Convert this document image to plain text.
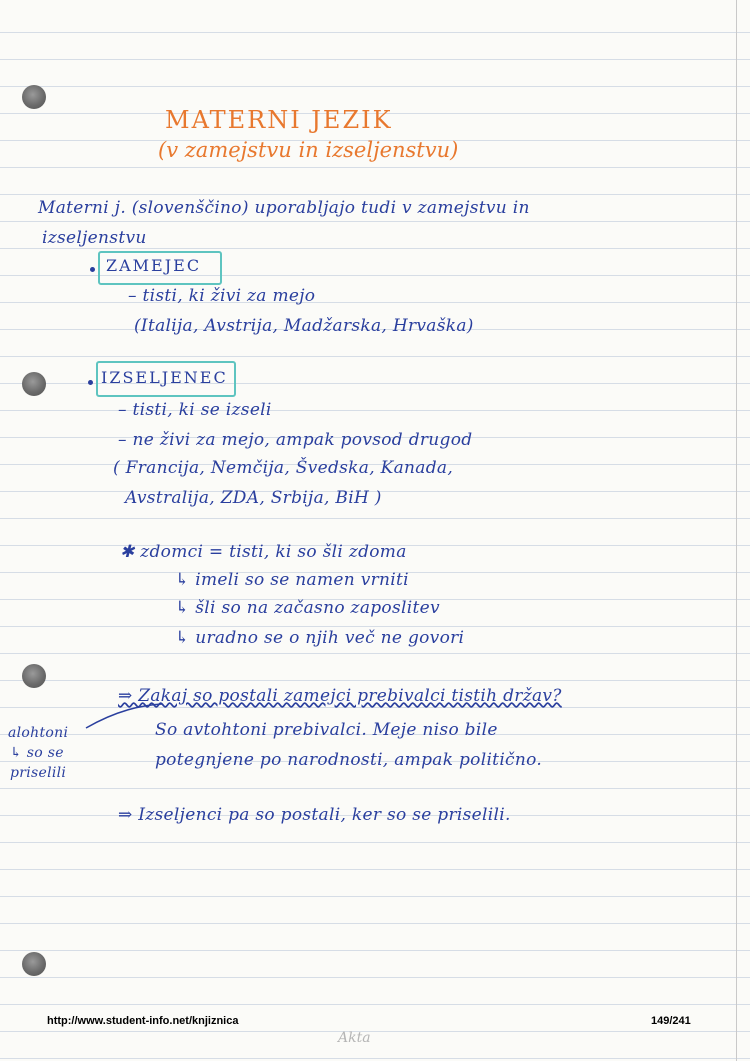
MATERNI JEZIK
(v zamejstvu in izseljenstvu)
Materni j. (slovenščino) uporabljajo tudi v zamejstvu in
izseljenstvu
ZAMEJEC
– tisti, ki živi za mejo
(Italija, Avstrija, Madžarska, Hrvaška)
IZSELJENEC
– tisti, ki se izseli
– ne živi za mejo, ampak povsod drugod
( Francija, Nemčija, Švedska, Kanada,
Avstralija, ZDA, Srbija, BiH )
✱ zdomci = tisti, ki so šli zdoma
↳ imeli so se namen vrniti
↳ šli so na začasno zaposlitev
↳ uradno se o njih več ne govori
⇒ Zakaj so postali zamejci prebivalci tistih držav?
So avtohtoni prebivalci. Meje niso bile
potegnjene po narodnosti, ampak politično.
alohtoni
↳ so se
priselili
⇒ Izseljenci pa so postali, ker so se priselili.
http://www.student-info.net/knjiznica	149/241
Akta
